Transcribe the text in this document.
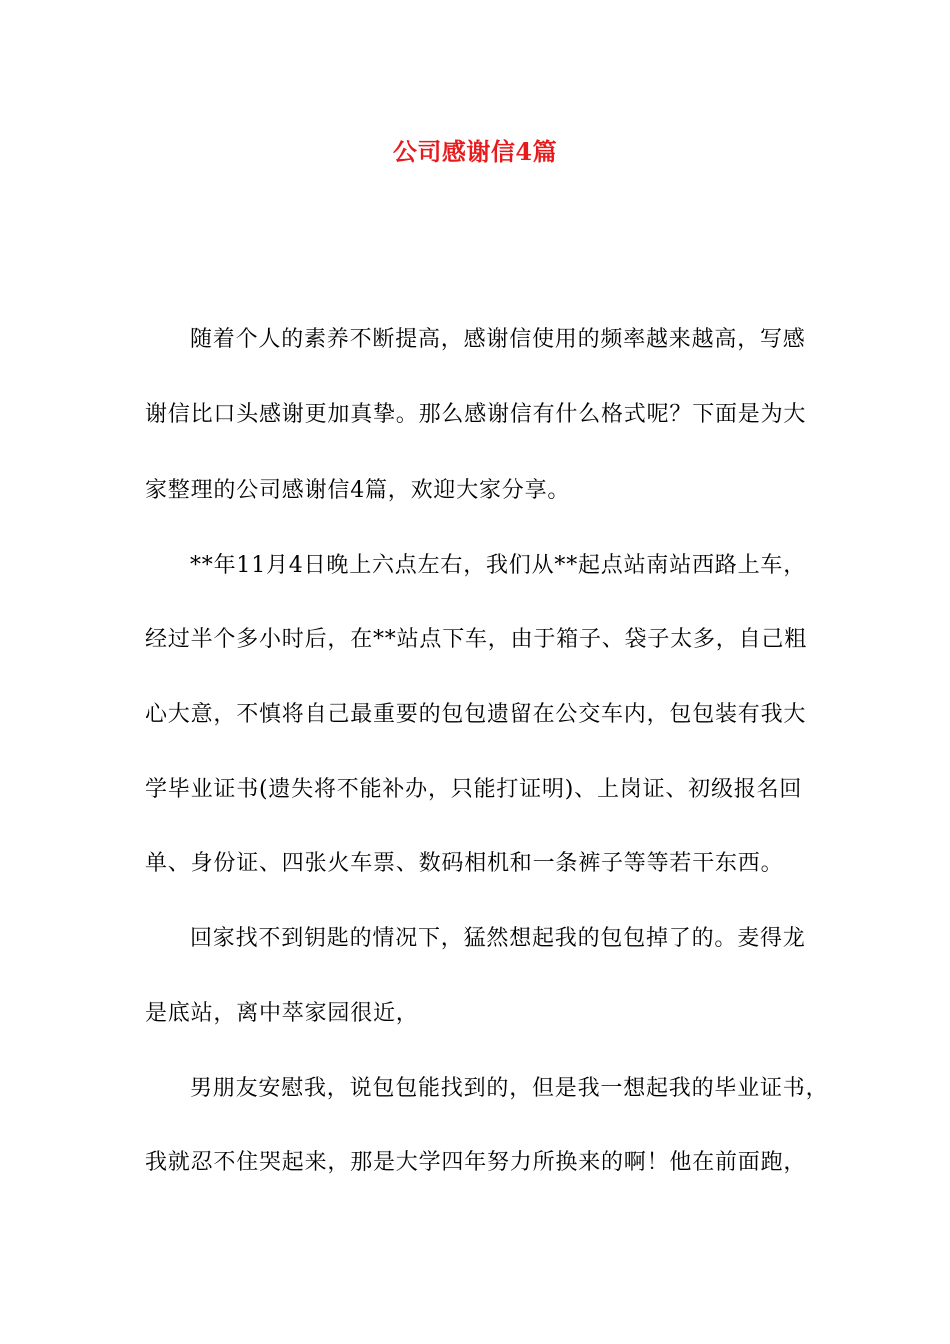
公司感谢信4篇
随着个人的素养不断提高，感谢信使用的频率越来越高，写感
谢信比口头感谢更加真挚。那么感谢信有什么格式呢？下面是为大
家整理的公司感谢信4篇，欢迎大家分享。
**年11月4日晚上六点左右，我们从**起点站南站西路上车，
经过半个多小时后，在**站点下车，由于箱子、袋子太多，自己粗
心大意，不慎将自己最重要的包包遗留在公交车内，包包装有我大
学毕业证书(遗失将不能补办，只能打证明)、上岗证、初级报名回
单、身份证、四张火车票、数码相机和一条裤子等等若干东西。
回家找不到钥匙的情况下，猛然想起我的包包掉了的。麦得龙
是底站，离中萃家园很近，
男朋友安慰我，说包包能找到的，但是我一想起我的毕业证书，
我就忍不住哭起来，那是大学四年努力所换来的啊！他在前面跑，
